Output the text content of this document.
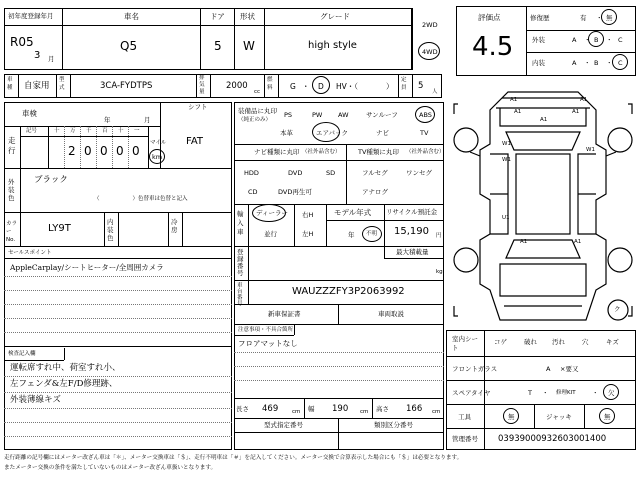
初年度登録年月
R05
3 月
車名
Q5
ドア
5
形状
W
グレード
high style
2WD
4WD
車種 自家用
型式	3CA-FYDTPS
排気量
2000
cc
燃料	G ・ D HV・（	）
定員 5
人
車検
年	月
シフト
FAT
走行
記号	十 万 千 百 十 一
2 0 0 0 0
マイル
km
外装色
ブラック
（　　　　　　）色替車は色替と記入
カラーNo.
LY9T
内装色
冷房
セールスポイント
AppleCarplay/シートヒーター/全周囲カメラ
検査記入欄
運転席すれ中、荷室すれ小、
左フェンダ&左F/D修理跡、
外装薄線キズ
装備品に丸印
（純正のみ）
PS	PW AW	サンルーフ	ABS
本革	エアバック	ナビ	TV
ナビ種類に丸印 （社外品含む）	TV種類に丸印 （社外品含む）
HDD	DVD	SD
CD	DVD再生可
フルセグ	ワンセグ
アナログ
輸入車
ディーラー
並行
右H
左H
モデル年式
年 不明
リサイクル預託金
15,190 円
登録番号
最大積載量
kg
車台番号
WAUZZZFY3P2063992
新車保証書	車両取説
注意事項・不具合箇所
フロアマットなし
長さ 469	cm 幅 190 cm 高さ 166 cm
型式指定番号	類別区分番号
評価点
4.5
修復歴	有 ・ 無
外装	A ・ B ・ C
内装	A ・ B ・ C
A1	A1
W1
W1
W1
U1
A1	A1
A1
A1	A1
ク
室内シート
コゲ	破れ 汚れ	穴	キズ
フロントガラス	A ×要又
スペアタイヤ	T ・ 修理KIT	・ 欠
工具	無	ジャッキ	無
管理番号 03939000932603001400
走行距離の記号欄にはメーター改ざん車は「＊」、メーター交換車は「＄」、走行不明車は「＃」を記入してください。メーター交換で合算表示した場合にも「＄」は必要となります。
またメーター交換の条件を満たしていないものはメーター改ざん車扱いとなります。
